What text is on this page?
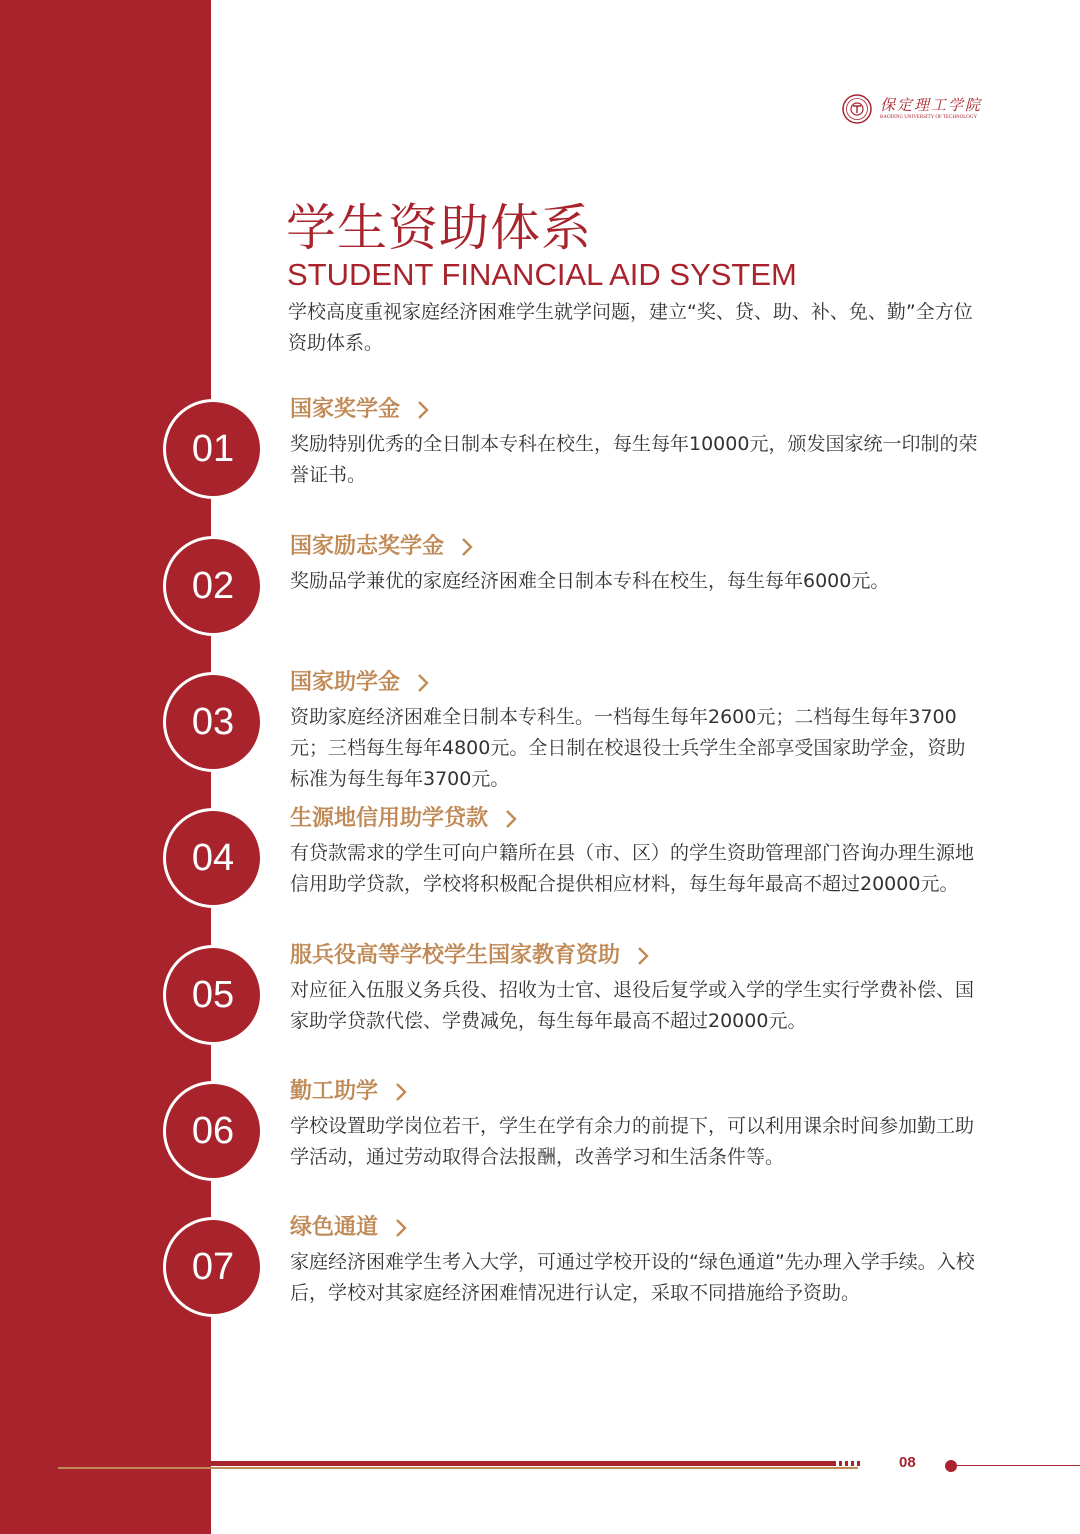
保定理工学院
BAODING UNIVERSITY OF TECHNOLOGY
学生资助体系
STUDENT FINANCIAL AID SYSTEM
学校高度重视家庭经济困难学生就学问题，建立“奖、贷、助、补、免、勤”全方位资助体系。
01
国家奖学金
奖励特别优秀的全日制本专科在校生，每生每年10000元，颁发国家统一印制的荣誉证书。
02
国家励志奖学金
奖励品学兼优的家庭经济困难全日制本专科在校生，每生每年6000元。
03
国家助学金
资助家庭经济困难全日制本专科生。一档每生每年2600元；二档每生每年3700元；三档每生每年4800元。全日制在校退役士兵学生全部享受国家助学金，资助标准为每生每年3700元。
04
生源地信用助学贷款
有贷款需求的学生可向户籍所在县（市、区）的学生资助管理部门咨询办理生源地信用助学贷款，学校将积极配合提供相应材料，每生每年最高不超过20000元。
05
服兵役高等学校学生国家教育资助
对应征入伍服义务兵役、招收为士官、退役后复学或入学的学生实行学费补偿、国家助学贷款代偿、学费减免，每生每年最高不超过20000元。
06
勤工助学
学校设置助学岗位若干，学生在学有余力的前提下，可以利用课余时间参加勤工助学活动，通过劳动取得合法报酬，改善学习和生活条件等。
07
绿色通道
家庭经济困难学生考入大学，可通过学校开设的“绿色通道”先办理入学手续。入校后，学校对其家庭经济困难情况进行认定，采取不同措施给予资助。
08
